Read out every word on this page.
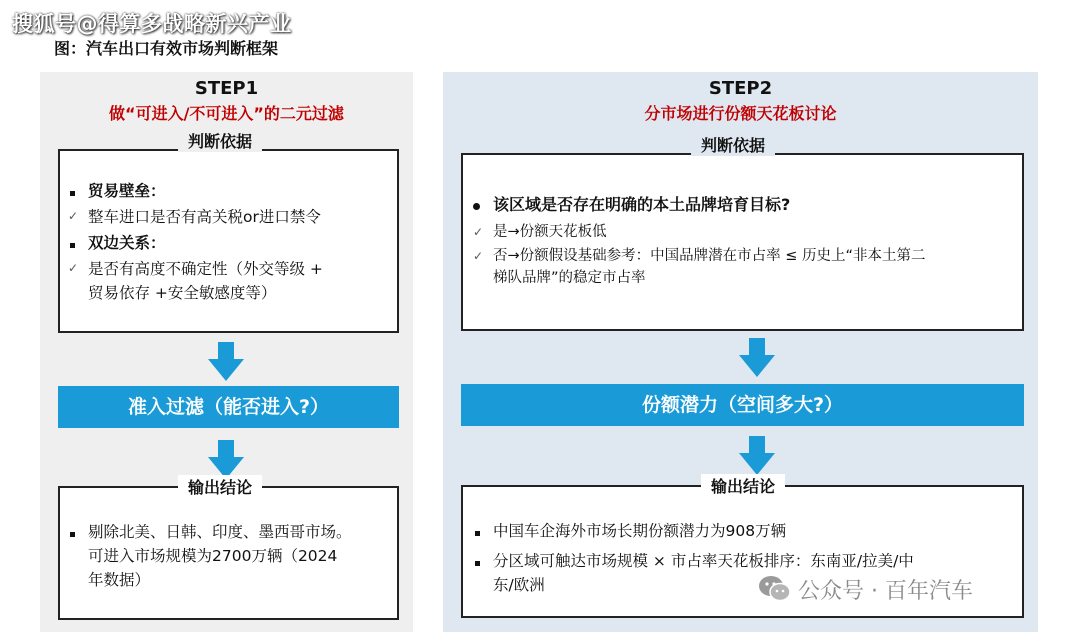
搜狐号@得算多战略新兴产业
图：汽车出口有效市场判断框架
STEP1
做“可进入/不可进入”的二元过滤
判断依据
贸易壁垒：
✓ 整车进口是否有高关税or进口禁令
双边关系：
✓ 是否有高度不确定性（外交等级 +
贸易依存 +安全敏感度等）
准入过滤（能否进入?）
输出结论
剔除北美、日韩、印度、墨西哥市场。
可进入市场规模为2700万辆（2024
年数据）
STEP2
分市场进行份额天花板讨论
判断依据
该区域是否存在明确的本土品牌培育目标?
✓ 是→份额天花板低
✓ 否→份额假设基础参考：中国品牌潜在市占率 ≤ 历史上“非本土第二
梯队品牌”的稳定市占率
份额潜力（空间多大?）
输出结论
中国车企海外市场长期份额潜力为908万辆
分区域可触达市场规模 × 市占率天花板排序：东南亚/拉美/中
东/欧洲	公众号 · 百年汽车
